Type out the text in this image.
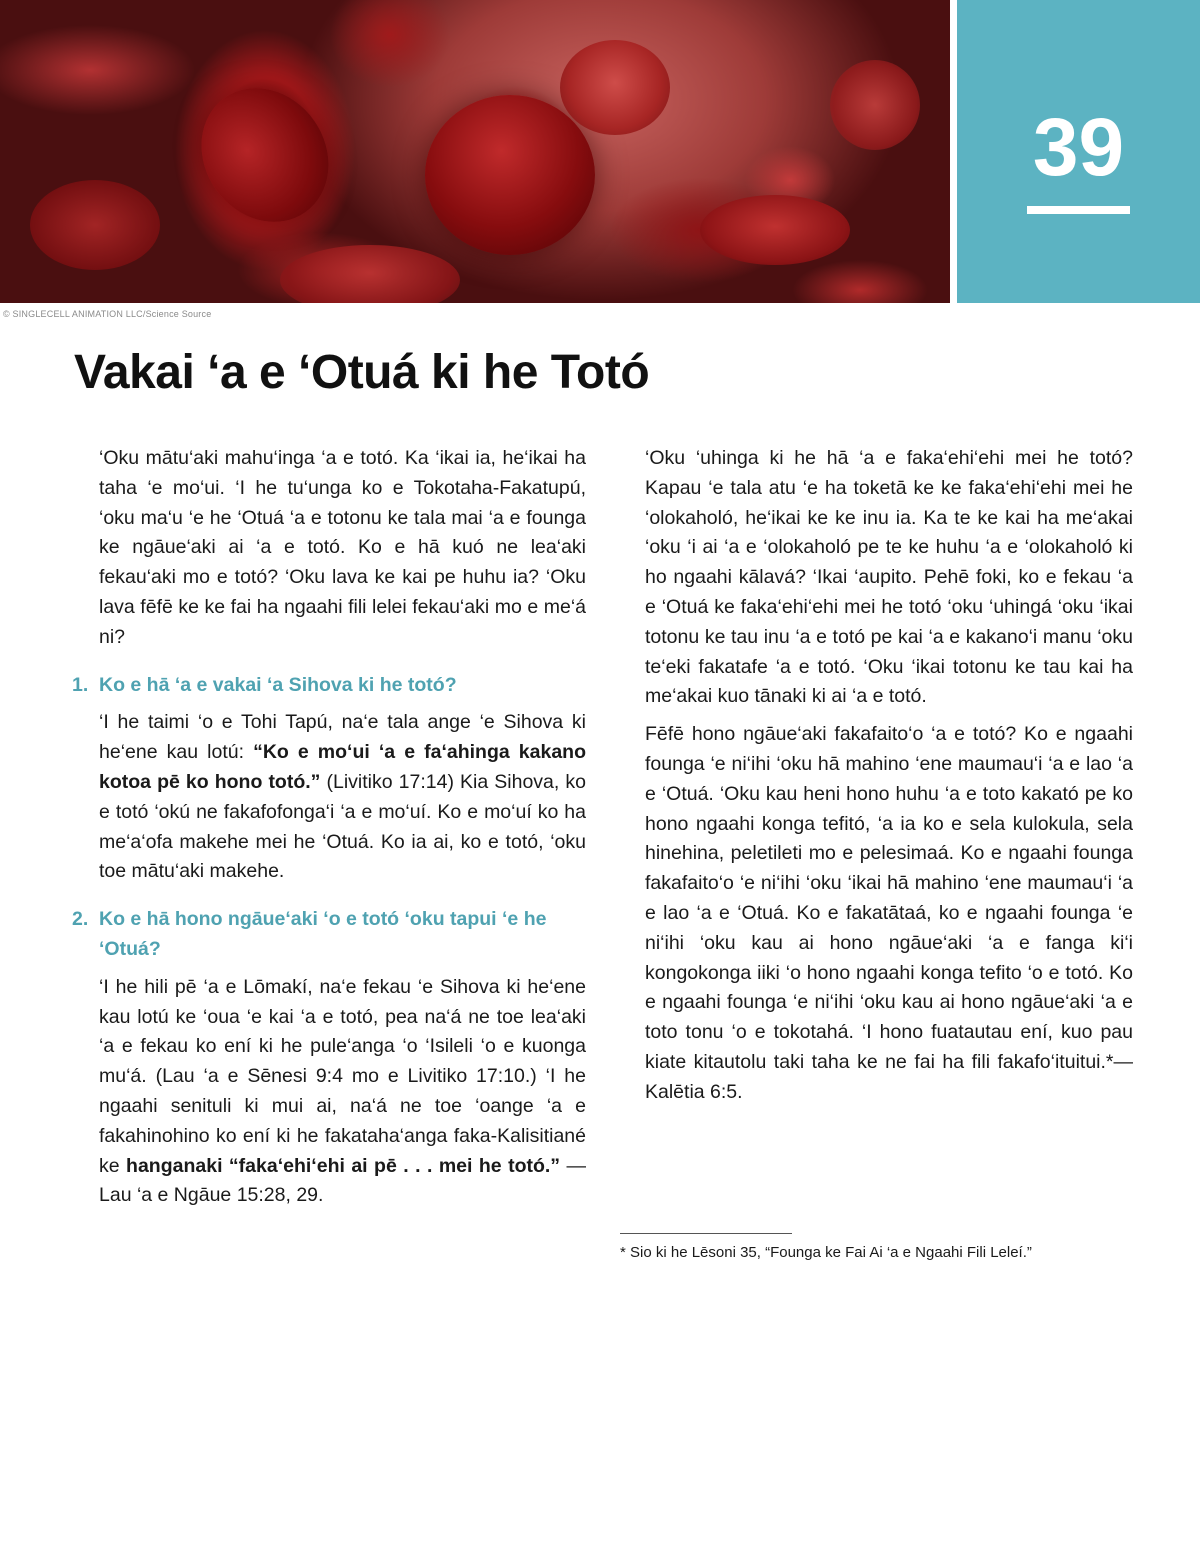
© SINGLECELL ANIMATION LLC/Science Source
39
Vakai ‘a e ‘Otuá ki he Totó

‘Oku mātu‘aki mahu‘inga ‘a e totó. Ka ‘ikai ia, he‘ikai ha taha ‘e mo‘ui. ‘I he tu‘unga ko e Tokotaha-Fakatupú, ‘oku ma‘u ‘e he ‘Otuá ‘a e totonu ke tala mai ‘a e founga ke ngāue‘aki ai ‘a e totó. Ko e hā kuó ne lea‘aki fekau‘aki mo e totó? ‘Oku lava ke kai pe huhu ia? ‘Oku lava fēfē ke ke fai ha ngaahi fili lelei fekau‘aki mo e me‘á ni?

1. Ko e hā ‘a e vakai ‘a Sihova ki he totó?

‘I he taimi ‘o e Tohi Tapú, na‘e tala ange ‘e Sihova ki he‘ene kau lotú: “Ko e mo‘ui ‘a e fa‘ahinga kakano kotoa pē ko hono totó.” (Livitiko 17:14) Kia Sihova, ko e totó ‘okú ne fakafofonga‘i ‘a e mo‘uí. Ko e mo‘uí ko ha me‘a‘ofa makehe mei he ‘Otuá. Ko ia ai, ko e totó, ‘oku toe mātu‘aki makehe.

2. Ko e hā hono ngāue‘aki ‘o e totó ‘oku tapui ‘e he ‘Otuá?

‘I he hili pē ‘a e Lōmakí, na‘e fekau ‘e Sihova ki he‘ene kau lotú ke ‘oua ‘e kai ‘a e totó, pea na‘á ne toe lea‘aki ‘a e fekau ko ení ki he pule‘anga ‘o ‘Isileli ‘o e kuonga mu‘á. (Lau ‘a e Sēnesi 9:4 mo e Livitiko 17:10.) ‘I he ngaahi senituli ki mui ai, na‘á ne toe ‘oange ‘a e fakahinohino ko ení ki he fakataha‘anga faka-Kalisitiané ke hanganaki “faka‘ehi‘ehi ai pē . . . mei he totó.” —Lau ‘a e Ngāue 15:28, 29.

‘Oku ‘uhinga ki he hā ‘a e faka‘ehi‘ehi mei he totó? Kapau ‘e tala atu ‘e ha toketā ke ke faka‘ehi‘ehi mei he ‘olokaholó, he‘ikai ke ke inu ia. Ka te ke kai ha me‘akai ‘oku ‘i ai ‘a e ‘olokaholó pe te ke huhu ‘a e ‘olokaholó ki ho ngaahi kālavá? ‘Ikai ‘aupito. Pehē foki, ko e fekau ‘a e ‘Otuá ke faka‘ehi‘ehi mei he totó ‘oku ‘uhingá ‘oku ‘ikai totonu ke tau inu ‘a e totó pe kai ‘a e kakano‘i manu ‘oku te‘eki fakatafe ‘a e totó. ‘Oku ‘ikai totonu ke tau kai ha me‘akai kuo tānaki ki ai ‘a e totó.

Fēfē hono ngāue‘aki fakafaito‘o ‘a e totó? Ko e ngaahi founga ‘e ni‘ihi ‘oku hā mahino ‘ene maumau‘i ‘a e lao ‘a e ‘Otuá. ‘Oku kau heni hono huhu ‘a e toto kakató pe ko hono ngaahi konga tefitó, ‘a ia ko e sela kulokula, sela hinehina, peletileti mo e pelesimaá. Ko e ngaahi founga fakafaito‘o ‘e ni‘ihi ‘oku ‘ikai hā mahino ‘ene maumau‘i ‘a e lao ‘a e ‘Otuá. Ko e fakatātaá, ko e ngaahi founga ‘e ni‘ihi ‘oku kau ai hono ngāue‘aki ‘a e fanga ki‘i kongokonga iiki ‘o hono ngaahi konga tefito ‘o e totó. Ko e ngaahi founga ‘e ni‘ihi ‘oku kau ai hono ngāue‘aki ‘a e toto tonu ‘o e tokotahá. ‘I hono fuatautau ení, kuo pau kiate kitautolu taki taha ke ne fai ha fili fakafo‘ituitui.*—Kalētia 6:5.

* Sio ki he Lēsoni 35, “Founga ke Fai Ai ‘a e Ngaahi Fili Leleí.”
